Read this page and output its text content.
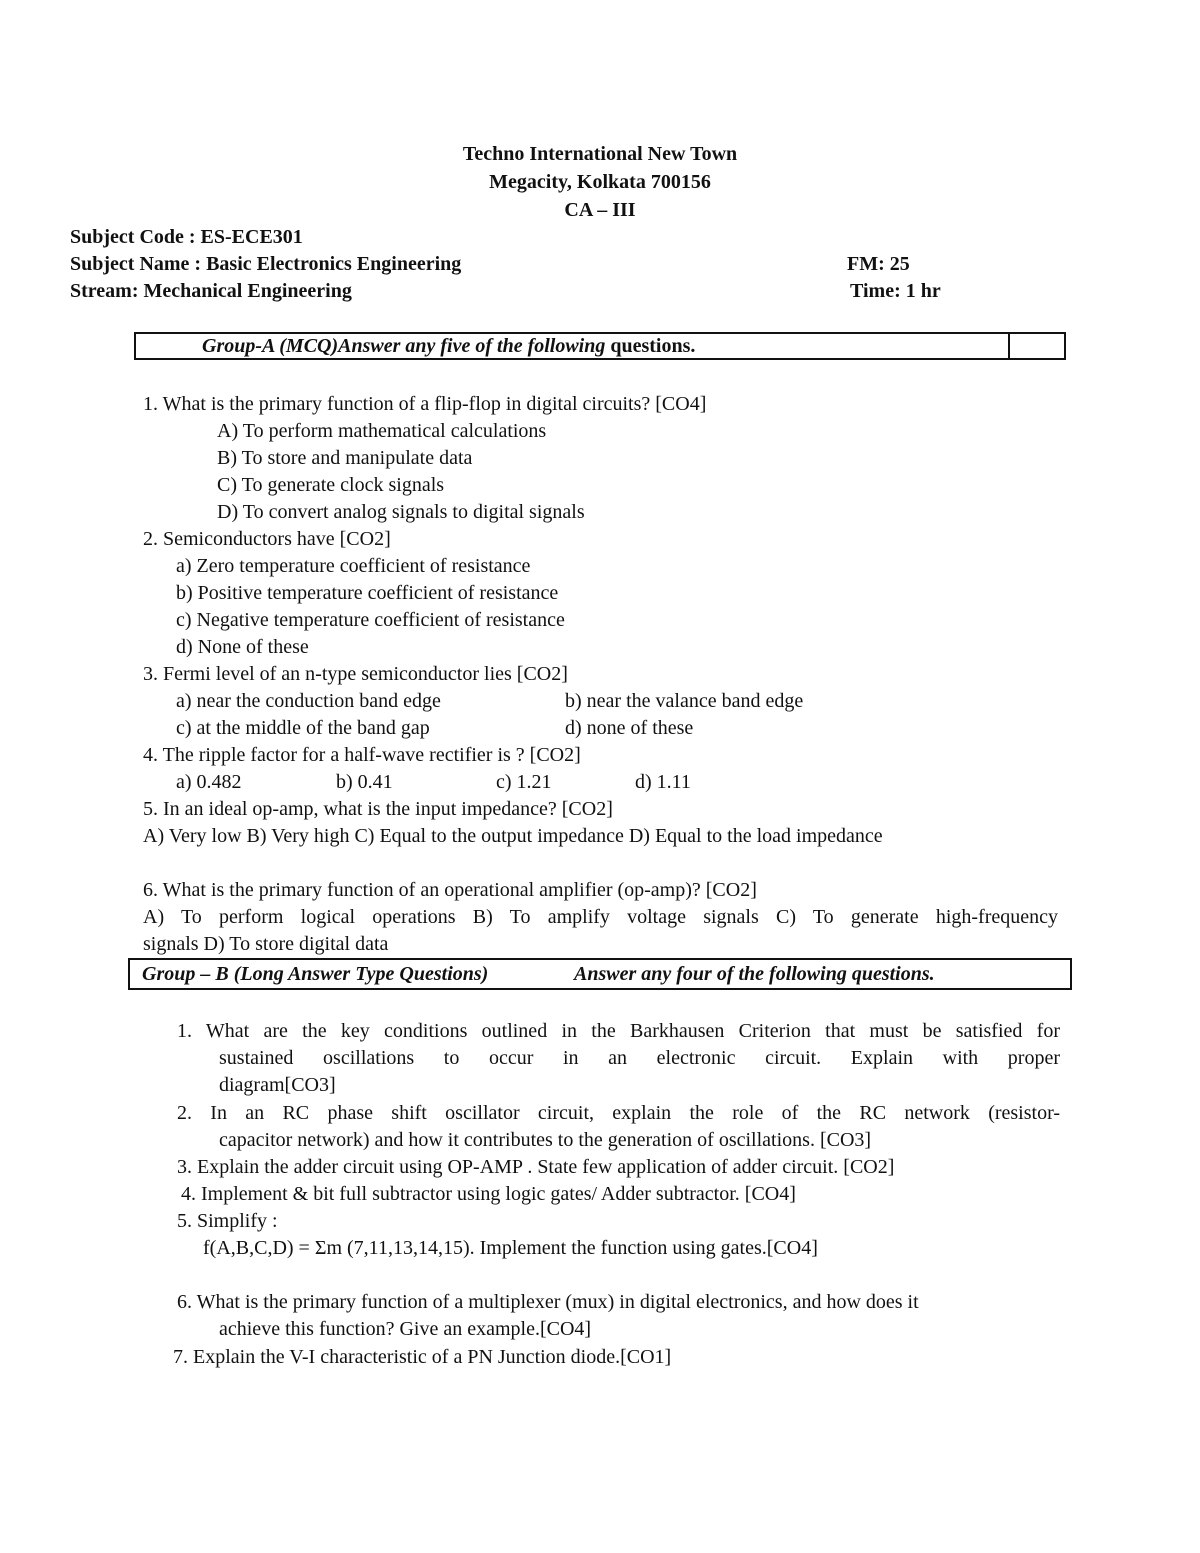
Techno International New Town
Megacity, Kolkata 700156
CA – III
Subject Code : ES-ECE301
Subject Name : Basic Electronics Engineering	FM: 25
Stream: Mechanical Engineering	Time: 1 hr
Group-A (MCQ)Answer any five of the following questions.
1. What is the primary function of a flip-flop in digital circuits? [CO4]
A) To perform mathematical calculations
B) To store and manipulate data
C) To generate clock signals
D) To convert analog signals to digital signals
2. Semiconductors have [CO2]
a) Zero temperature coefficient of resistance
b) Positive temperature coefficient of resistance
c) Negative temperature coefficient of resistance
d) None of these
3. Fermi level of an n-type semiconductor lies [CO2]
a) near the conduction band edge	b) near the valance band edge
c) at the middle of the band gap	d) none of these
4. The ripple factor for a half-wave rectifier is ? [CO2]
a) 0.482	b) 0.41	c) 1.21	d) 1.11
5. In an ideal op-amp, what is the input impedance? [CO2]
A) Very low B) Very high C) Equal to the output impedance D) Equal to the load impedance
6. What is the primary function of an operational amplifier (op-amp)? [CO2]
A) To perform logical operations B) To amplify voltage signals C) To generate high-frequency
signals D) To store digital data
Group – B (Long Answer Type Questions)	Answer any four of the following questions.
1. What are the key conditions outlined in the Barkhausen Criterion that must be satisfied for
sustained oscillations to occur in an electronic circuit. Explain with proper
diagram[CO3]
2. In an RC phase shift oscillator circuit, explain the role of the RC network (resistor-
capacitor network) and how it contributes to the generation of oscillations. [CO3]
3. Explain the adder circuit using OP-AMP . State few application of adder circuit. [CO2]
4. Implement & bit full subtractor using logic gates/ Adder subtractor. [CO4]
5. Simplify :
f(A,B,C,D) = Σm (7,11,13,14,15). Implement the function using gates.[CO4]
6. What is the primary function of a multiplexer (mux) in digital electronics, and how does it
achieve this function? Give an example.[CO4]
7. Explain the V-I characteristic of a PN Junction diode.[CO1]
